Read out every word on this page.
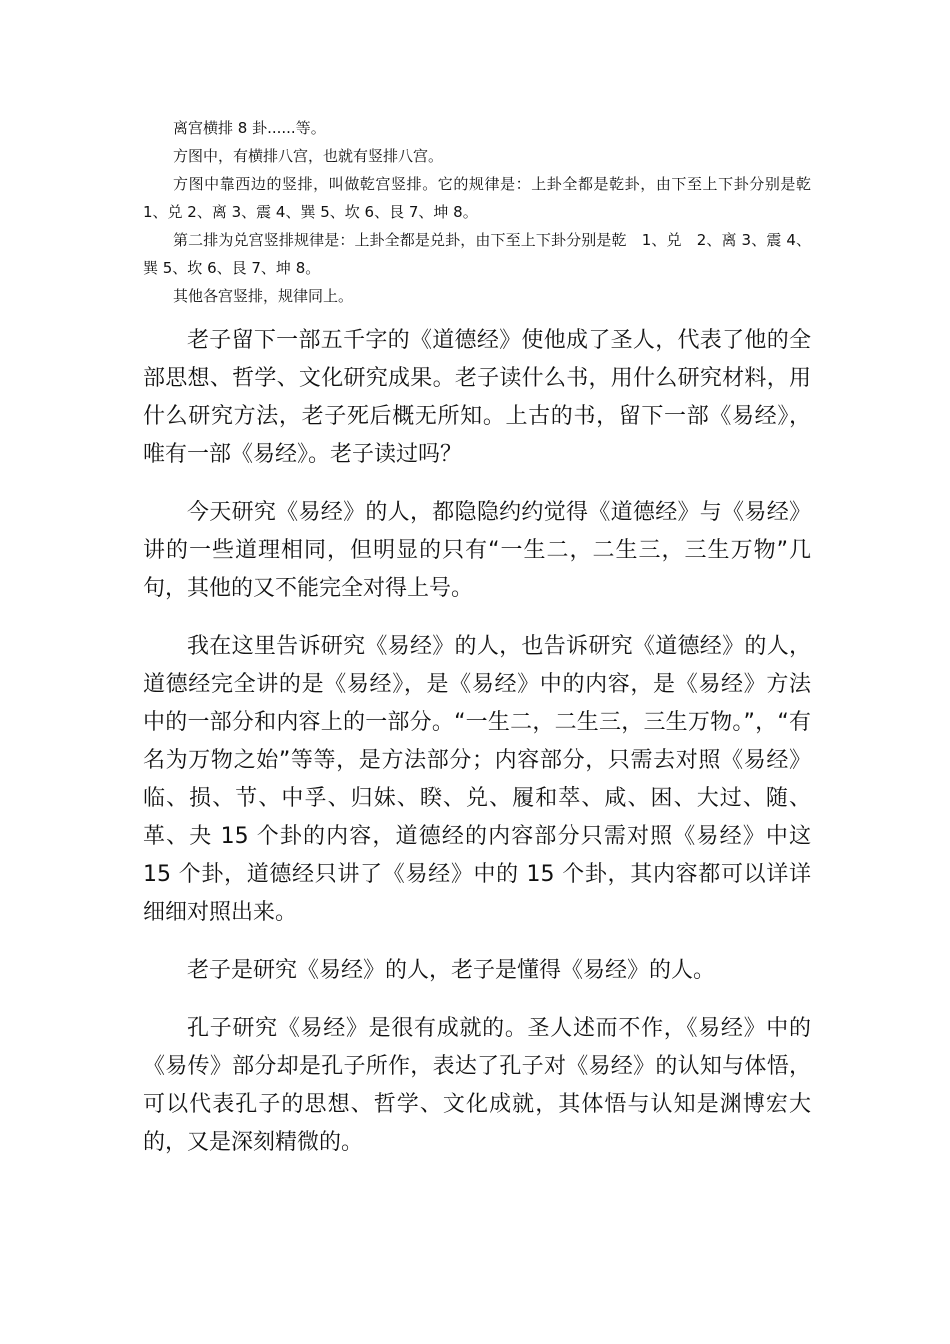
离宫横排 8 卦......等。

方图中，有横排八宫，也就有竖排八宫。

方图中靠西边的竖排，叫做乾宫竖排。它的规律是：上卦全都是乾卦，由下至上下卦分别是乾 1、兑 2、离 3、震 4、巽 5、坎 6、艮 7、坤 8。

第二排为兑宫竖排规律是：上卦全都是兑卦，由下至上下卦分别是乾　1、兑　2、离 3、震 4、巽 5、坎 6、艮 7、坤 8。

其他各宫竖排，规律同上。

老子留下一部五千字的《道德经》使他成了圣人，代表了他的全部思想、哲学、文化研究成果。老子读什么书，用什么研究材料，用什么研究方法，老子死后概无所知。上古的书，留下一部《易经》，唯有一部《易经》。老子读过吗？

今天研究《易经》的人，都隐隐约约觉得《道德经》与《易经》讲的一些道理相同，但明显的只有“一生二，二生三，三生万物”几句，其他的又不能完全对得上号。

我在这里告诉研究《易经》的人，也告诉研究《道德经》的人，道德经完全讲的是《易经》，是《易经》中的内容，是《易经》方法中的一部分和内容上的一部分。“一生二，二生三，三生万物。”，“有名为万物之始”等等，是方法部分；内容部分，只需去对照《易经》临、损、节、中孚、归妹、睽、兑、履和萃、咸、困、大过、随、革、夬 15 个卦的内容，道德经的内容部分只需对照《易经》中这 15 个卦，道德经只讲了《易经》中的 15 个卦，其内容都可以详详细细对照出来。

老子是研究《易经》的人，老子是懂得《易经》的人。

孔子研究《易经》是很有成就的。圣人述而不作，《易经》中的《易传》部分却是孔子所作，表达了孔子对《易经》的认知与体悟，可以代表孔子的思想、哲学、文化成就，其体悟与认知是渊博宏大的，又是深刻精微的。
